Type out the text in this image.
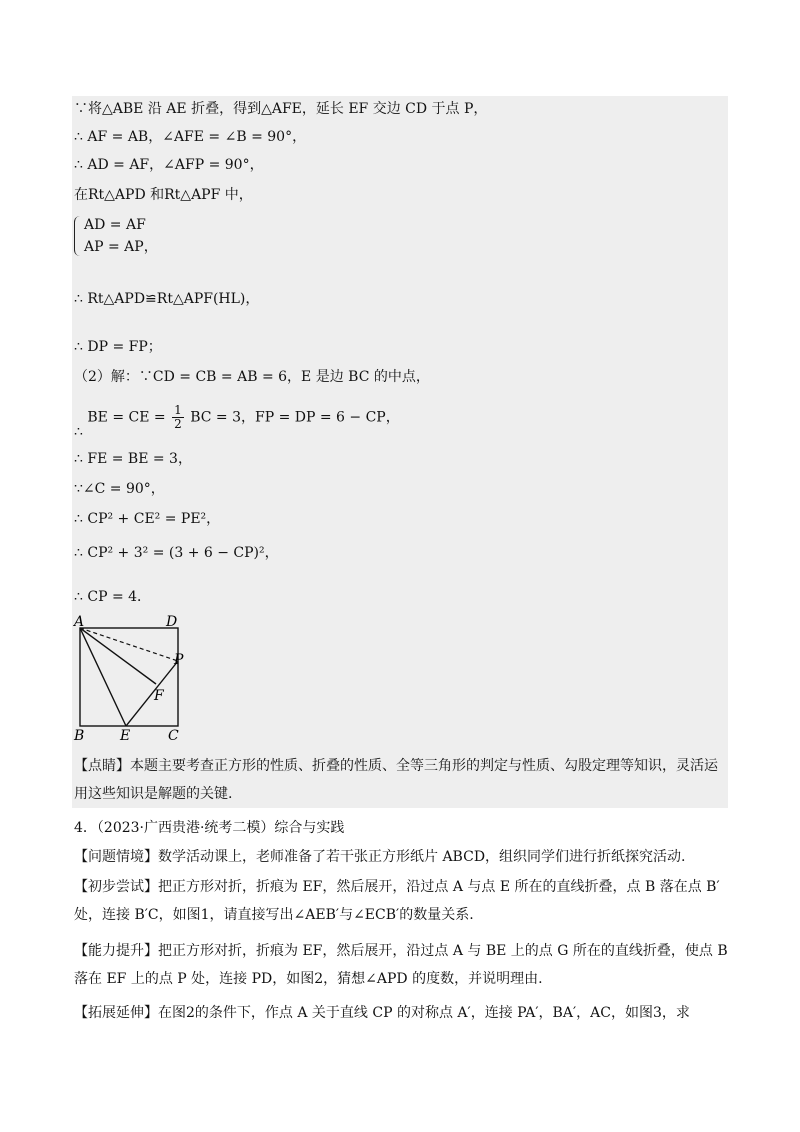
∵将△ABE 沿 AE 折叠，得到△AFE，延长 EF 交边 CD 于点 P，
∴ AF = AB，∠AFE = ∠B = 90°，
∴ AD = AF，∠AFP = 90°，
在Rt△APD 和Rt△APF 中，
AD = AF
AP = AP，
∴ Rt△APD≌Rt△APF(HL)，
∴ DP = FP；
（2）解：∵CD = CB = AB = 6，E 是边 BC 的中点，
∴ BE = CE = $\frac{1}{2}$ BC = 3，FP = DP = 6 − CP，
∴ FE = BE = 3，
∵∠C = 90°，
∴ CP² + CE² = PE²，
∴ CP² + 3² = (3 + 6 − CP)²，
∴ CP = 4．
A	D
P
F
B	E	C
【点睛】本题主要考查正方形的性质、折叠的性质、全等三角形的判定与性质、勾股定理等知识，灵活运用这些知识是解题的关键.
4．（2023·广西贵港·统考二模）综合与实践
【问题情境】数学活动课上，老师准备了若干张正方形纸片 ABCD，组织同学们进行折纸探究活动.
【初步尝试】把正方形对折，折痕为 EF，然后展开，沿过点 A 与点 E 所在的直线折叠，点 B 落在点 B′处，连接 B′C，如图1，请直接写出∠AEB′与∠ECB′的数量关系.
【能力提升】把正方形对折，折痕为 EF，然后展开，沿过点 A 与 BE 上的点 G 所在的直线折叠，使点 B 落在 EF 上的点 P 处，连接 PD，如图2，猜想∠APD 的度数，并说明理由.
【拓展延伸】在图2的条件下，作点 A 关于直线 CP 的对称点 A′，连接 PA′，BA′，AC，如图3，求
